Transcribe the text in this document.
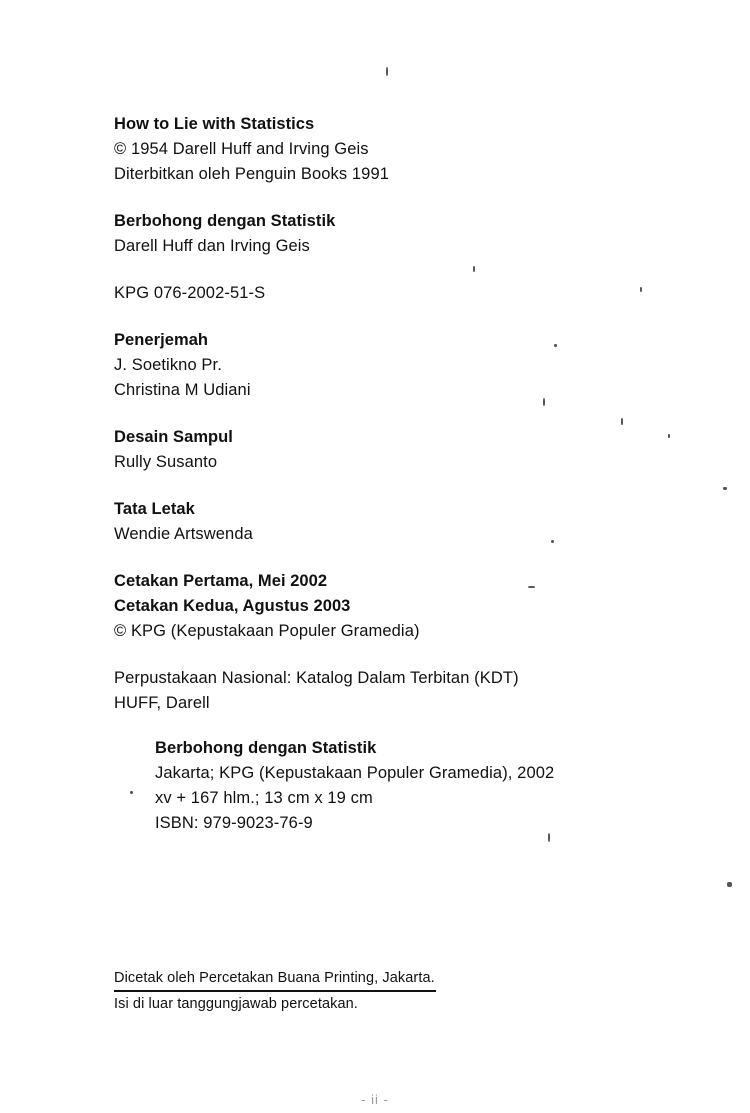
How to Lie with Statistics
© 1954 Darell Huff and Irving Geis
Diterbitkan oleh Penguin Books 1991
Berbohong dengan Statistik
Darell Huff dan Irving Geis
KPG 076-2002-51-S
Penerjemah
J. Soetikno Pr.
Christina M Udiani
Desain Sampul
Rully Susanto
Tata Letak
Wendie Artswenda
Cetakan Pertama, Mei 2002
Cetakan Kedua, Agustus 2003
© KPG (Kepustakaan Populer Gramedia)
Perpustakaan Nasional: Katalog Dalam Terbitan (KDT)
HUFF, Darell
Berbohong dengan Statistik
Jakarta; KPG (Kepustakaan Populer Gramedia), 2002
xv + 167 hlm.; 13 cm x 19 cm
ISBN: 979-9023-76-9
Dicetak oleh Percetakan Buana Printing, Jakarta.
Isi di luar tanggungjawab percetakan.
- ii -
